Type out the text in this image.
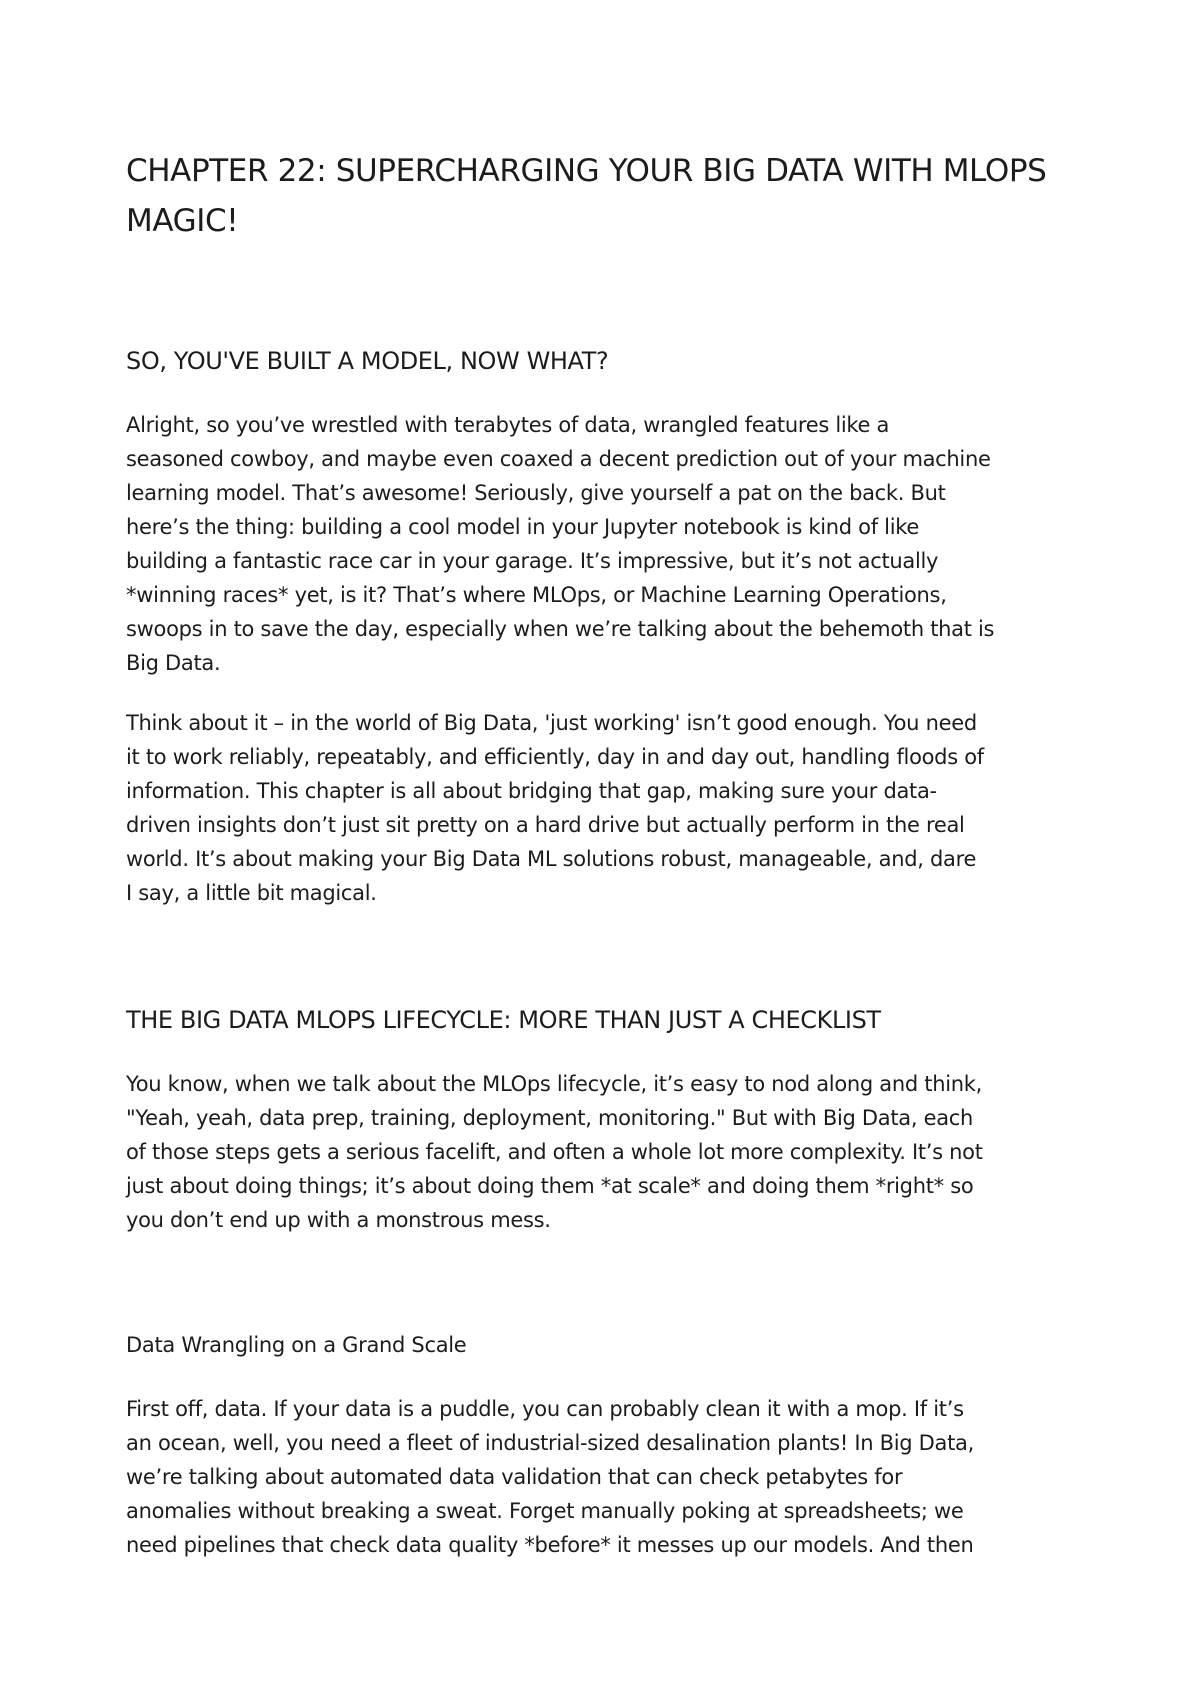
CHAPTER 22: SUPERCHARGING YOUR BIG DATA WITH MLOPS MAGIC!
SO, YOU'VE BUILT A MODEL, NOW WHAT?

Alright, so you’ve wrestled with terabytes of data, wrangled features like a
seasoned cowboy, and maybe even coaxed a decent prediction out of your machine
learning model. That’s awesome! Seriously, give yourself a pat on the back. But
here’s the thing: building a cool model in your Jupyter notebook is kind of like
building a fantastic race car in your garage. It’s impressive, but it’s not actually
*winning races* yet, is it? That’s where MLOps, or Machine Learning Operations,
swoops in to save the day, especially when we’re talking about the behemoth that is
Big Data.

Think about it – in the world of Big Data, 'just working' isn’t good enough. You need
it to work reliably, repeatably, and efficiently, day in and day out, handling floods of
information. This chapter is all about bridging that gap, making sure your data-
driven insights don’t just sit pretty on a hard drive but actually perform in the real
world. It’s about making your Big Data ML solutions robust, manageable, and, dare
I say, a little bit magical.

THE BIG DATA MLOPS LIFECYCLE: MORE THAN JUST A CHECKLIST

You know, when we talk about the MLOps lifecycle, it’s easy to nod along and think,
"Yeah, yeah, data prep, training, deployment, monitoring." But with Big Data, each
of those steps gets a serious facelift, and often a whole lot more complexity. It’s not
just about doing things; it’s about doing them *at scale* and doing them *right* so
you don’t end up with a monstrous mess.

Data Wrangling on a Grand Scale

First off, data. If your data is a puddle, you can probably clean it with a mop. If it’s
an ocean, well, you need a fleet of industrial-sized desalination plants! In Big Data,
we’re talking about automated data validation that can check petabytes for
anomalies without breaking a sweat. Forget manually poking at spreadsheets; we
need pipelines that check data quality *before* it messes up our models. And then
